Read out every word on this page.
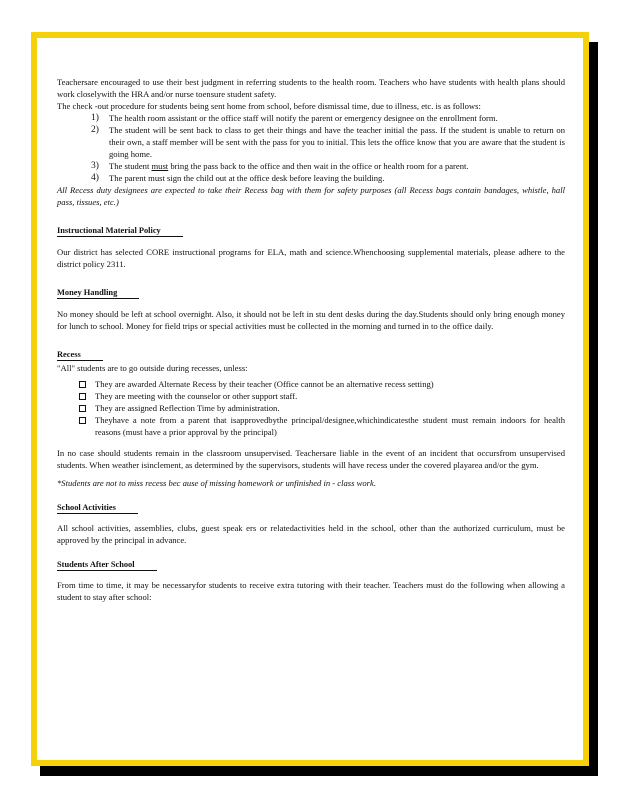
Teachersare encouraged to use their best judgment in referring students to the health room. Teachers who have students with health plans should work closelywith the HRA and/or nurse toensure student safety.

The check -out procedure for students being sent home from school, before dismissal time, due to illness, etc. is as follows:

1) The health room assistant or the office staff will notify the parent or emergency designee on the enrollment form.
2) The student will be sent back to class to get their things and have the teacher initial the pass. If the student is unable to return on their own, a staff member will be sent with the pass for you to initial. This lets the office know that you are aware that the student is going home.
3) The student must bring the pass back to the office and then wait in the office or health room for a parent.
4) The parent must sign the child out at the office desk before leaving the building.

All Recess duty designees are expected to take their Recess bag with them for safety purposes (all Recess bags contain bandages, whistle, hall pass, tissues, etc.)

Instructional Material Policy

Our district has selected CORE instructional programs for ELA, math and science.Whenchoosing supplemental materials, please adhere to the district policy 2311.

Money Handling

No money should be left at school overnight. Also, it should not be left in stu dent desks during the day.Students should only bring enough money for lunch to school. Money for field trips or special activities must be collected in the morning and turned in to the office daily.

Recess

"All" students are to go outside during recesses, unless:

They are awarded Alternate Recess by their teacher (Office cannot be an alternative recess setting)
They are meeting with the counselor or other support staff.
They are assigned Reflection Time by administration.
Theyhave a note from a parent that isapprovedbythe principal/designee,whichindicatesthe student must remain indoors for health reasons (must have a prior approval by the principal)

In no case should students remain in the classroom unsupervised. Teachersare liable in the event of an incident that occursfrom unsupervised students. When weather isinclement, as determined by the supervisors, students will have recess under the covered playarea and/or the gym.

*Students are not to miss recess bec ause of missing homework or unfinished in - class work.

School Activities

All school activities, assemblies, clubs, guest speak ers or relatedactivities held in the school, other than the authorized curriculum, must be approved by the principal in advance.

Students After School

From time to time, it may be necessaryfor students to receive extra tutoring with their teacher. Teachers must do the following when allowing a student to stay after school:
